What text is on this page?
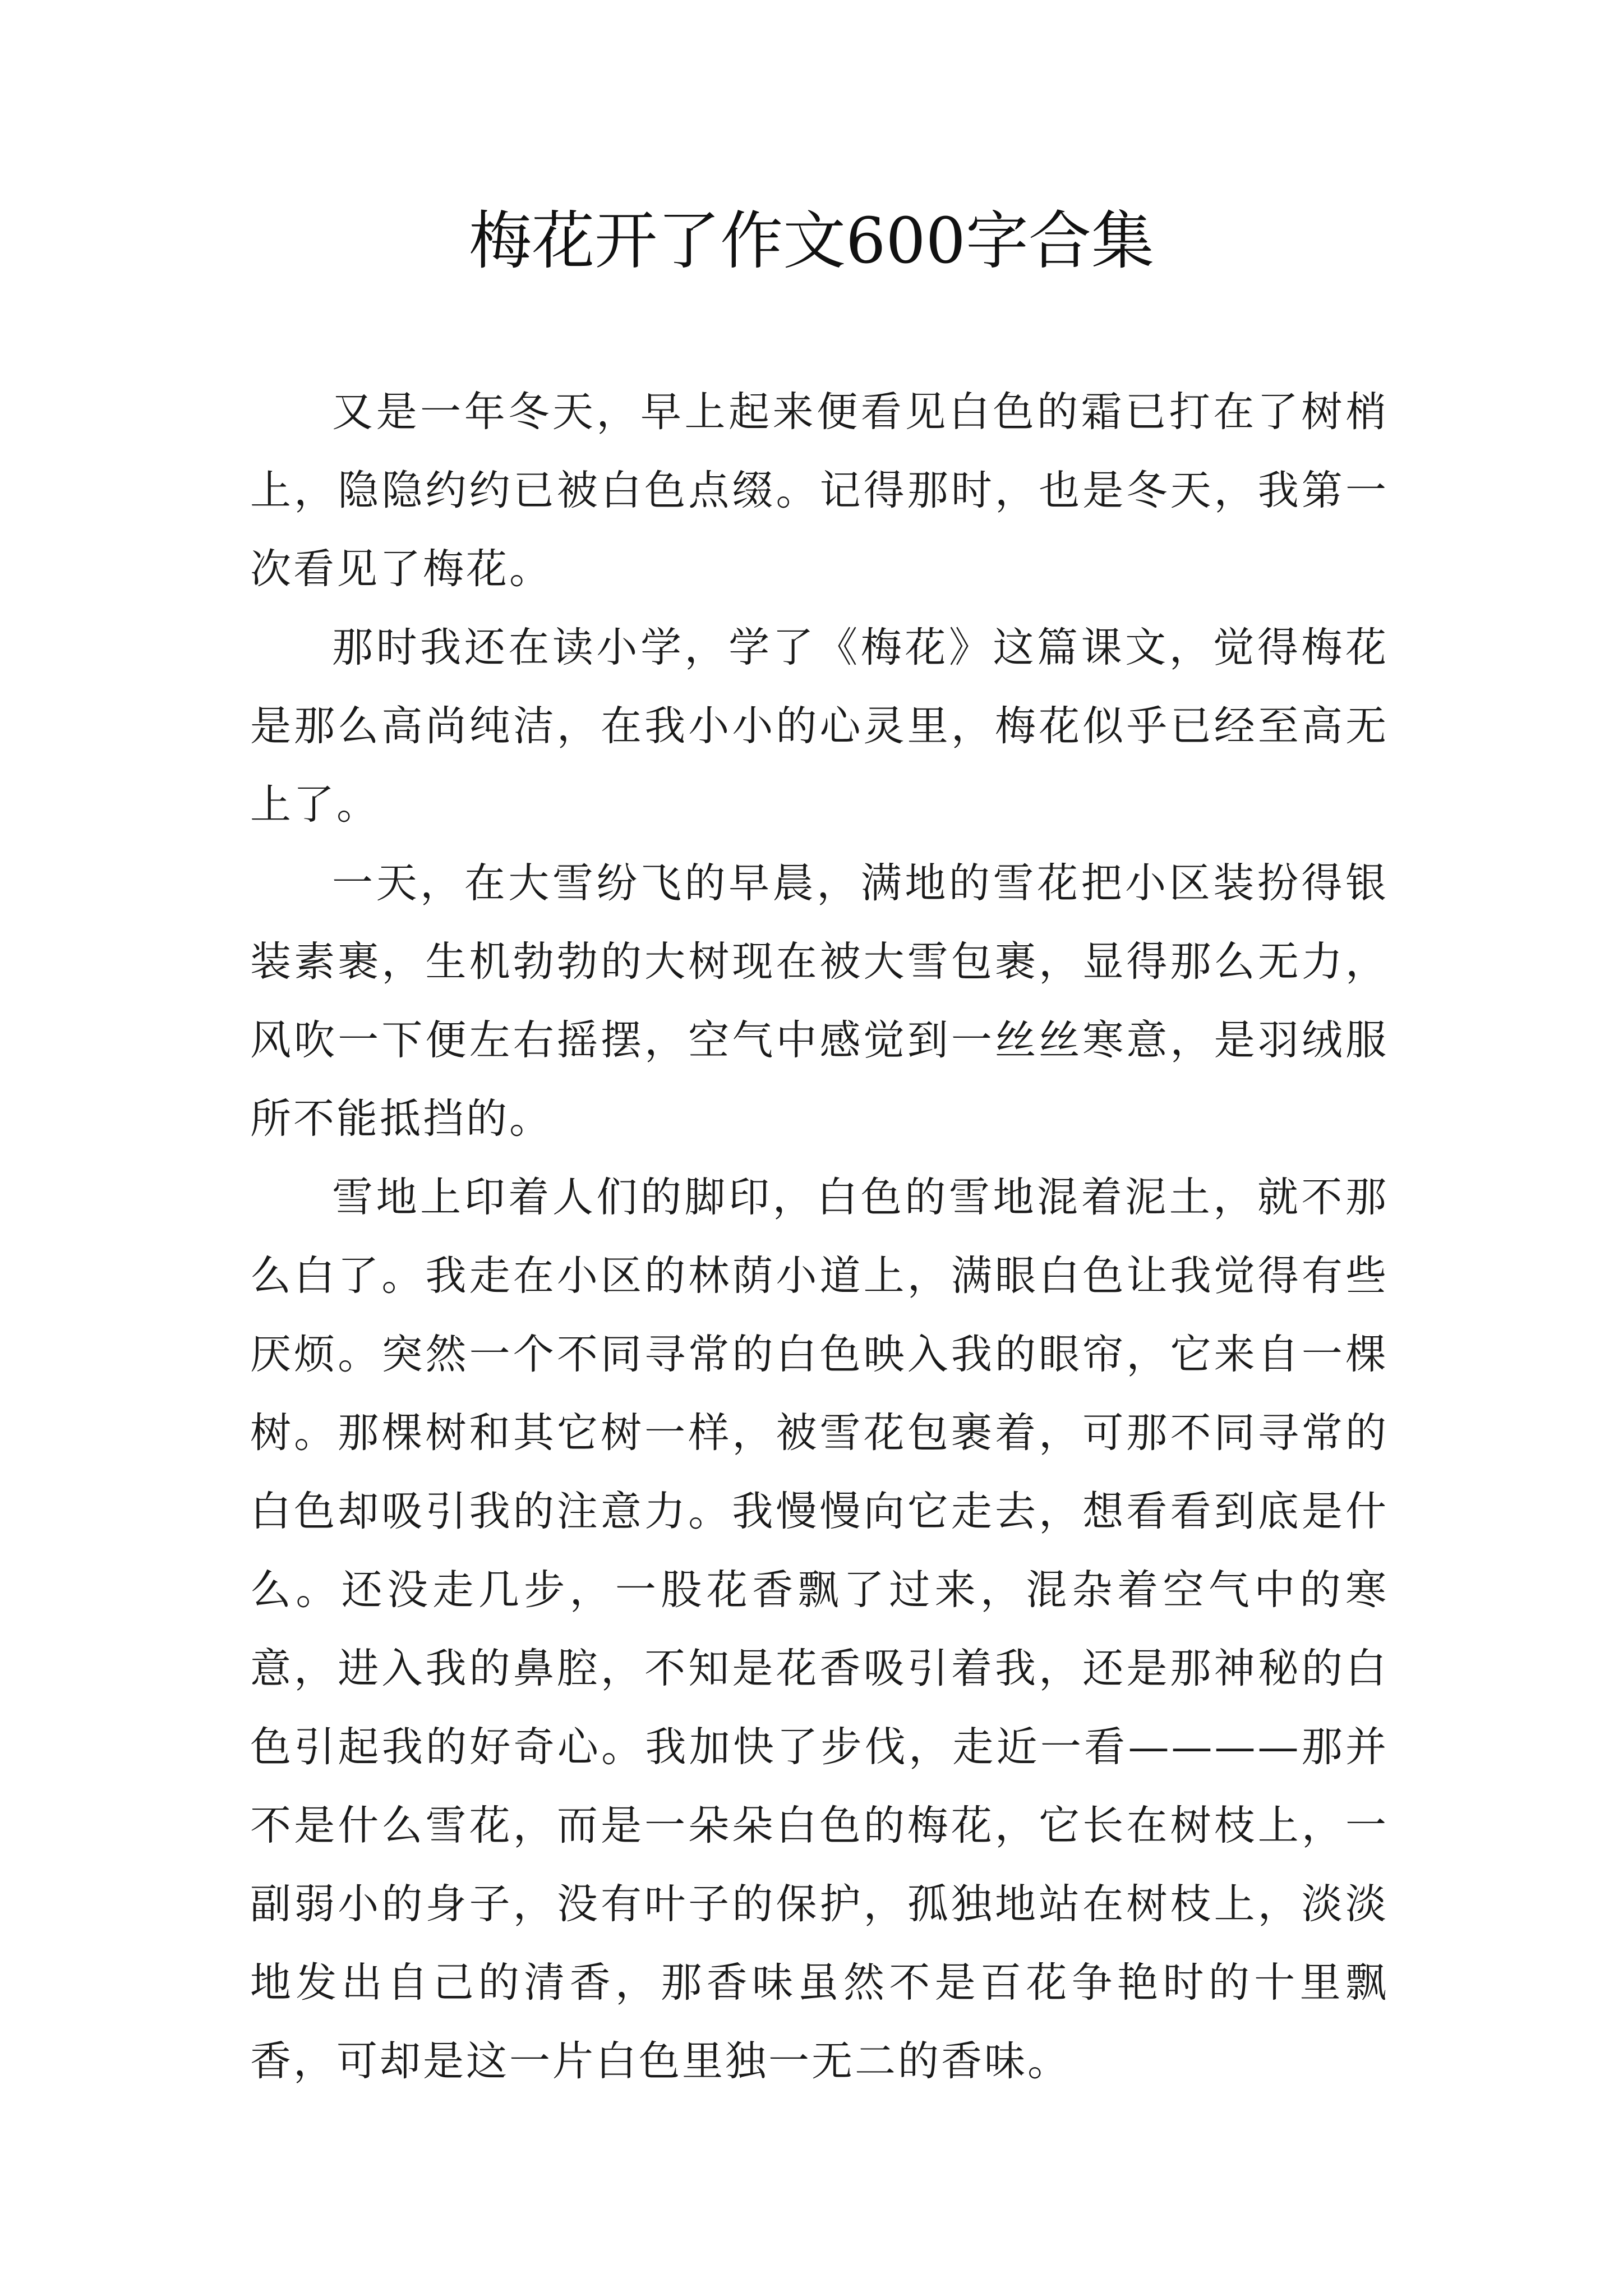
梅花开了作文600字合集

又是一年冬天，早上起来便看见白色的霜已打在了树梢上，隐隐约约已被白色点缀。记得那时，也是冬天，我第一次看见了梅花。

那时我还在读小学，学了《梅花》这篇课文，觉得梅花是那么高尚纯洁，在我小小的心灵里，梅花似乎已经至高无上了。

一天，在大雪纷飞的早晨，满地的雪花把小区装扮得银装素裹，生机勃勃的大树现在被大雪包裹，显得那么无力，风吹一下便左右摇摆，空气中感觉到一丝丝寒意，是羽绒服所不能抵挡的。

雪地上印着人们的脚印，白色的雪地混着泥土，就不那么白了。我走在小区的林荫小道上，满眼白色让我觉得有些厌烦。突然一个不同寻常的白色映入我的眼帘，它来自一棵树。那棵树和其它树一样，被雪花包裹着，可那不同寻常的白色却吸引我的注意力。我慢慢向它走去，想看看到底是什么。还没走几步，一股花香飘了过来，混杂着空气中的寒意，进入我的鼻腔，不知是花香吸引着我，还是那神秘的白色引起我的好奇心。我加快了步伐，走近一看————那并不是什么雪花，而是一朵朵白色的梅花，它长在树枝上，一副弱小的身子，没有叶子的保护，孤独地站在树枝上，淡淡地发出自己的清香，那香味虽然不是百花争艳时的十里飘香，可却是这一片白色里独一无二的香味。
